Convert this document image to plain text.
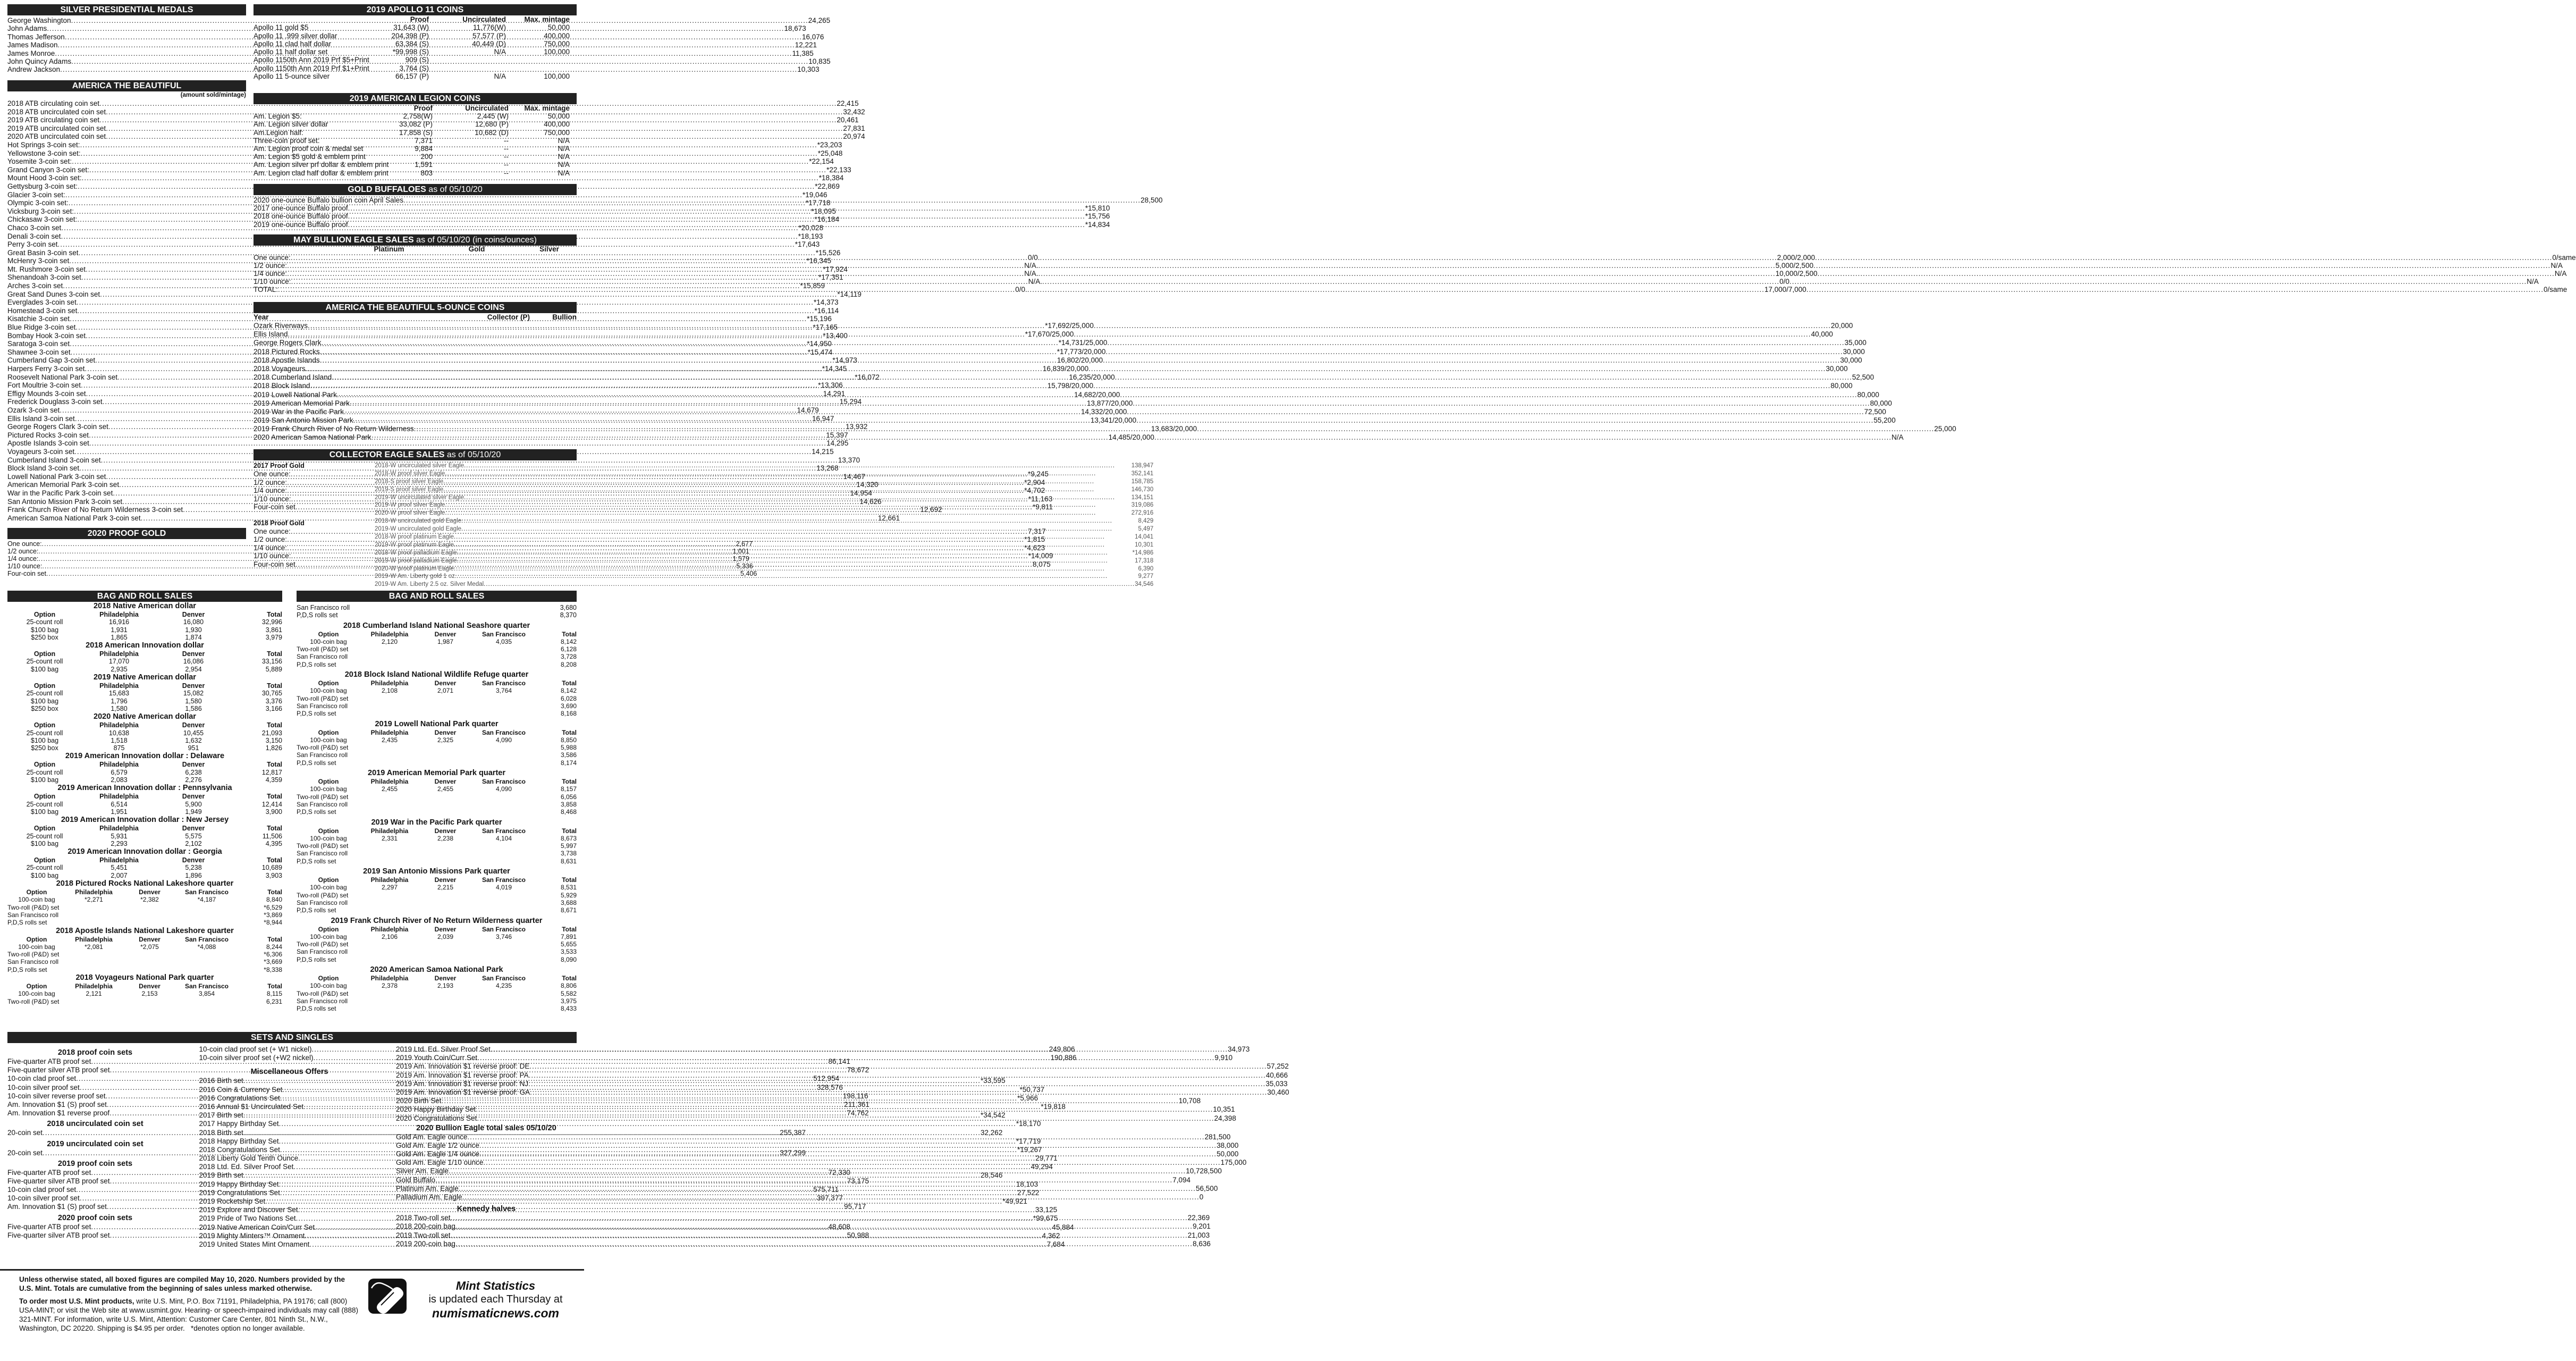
SILVER PRESIDENTIAL MEDALS
George Washington .....	24,265
John Adams .....	18,673
Thomas Jefferson .....	16,076
James Madison .....	12,221
James Monroe .....	11,385
John Quincy Adams .....	10,835
Andrew Jackson .....	10,303
AMERICA THE BEAUTIFUL
(amount sold/mintage)
2018 ATB circulating coin set .....	22,415
2018 ATB uncirculated coin set .....	32,432
2019 ATB circulating coin set .....	20,461
2019 ATB uncirculated coin set .....	27,831
2020 ATB uncirculated coin set .....	20,974
Hot Springs 3-coin set: .....	*23,203
Yellowstone 3-coin set: .....	*25,048
Yosemite 3-coin set: .....	*22,154
Grand Canyon 3-coin set: .....	*22,133
Mount Hood 3-coin set: .....	*18,384
Gettysburg 3-coin set: .....	*22,869
Glacier 3-coin set: .....	*19,046
Olympic 3-coin set: .....	*17,718
Vicksburg 3-coin set: .....	*18,095
Chickasaw 3-coin set: .....	*16,184
Chaco 3-coin set .....	*20,028
Denali 3-coin set .....	*18,193
Perry 3-coin set .....	*17,643
Great Basin 3-coin set .....	*15,526
McHenry 3-coin set .....	*16,345
Mt. Rushmore 3-coin set .....	*17,924
Shenandoah 3-coin set .....	*17,351
Arches 3-coin set .....	*15,859
Great Sand Dunes 3-coin set .....	*14,119
Everglades 3-coin set .....	*14,373
Homestead 3-coin set .....	*16,114
Kisatchie 3-coin set .....	*15,196
Blue Ridge 3-coin set .....	*17,165
Bombay Hook 3-coin set .....	*13,400
Saratoga 3-coin set .....	*14,950
Shawnee 3-coin set .....	*15,474
Cumberland Gap 3-coin set .....	*14,973
Harpers Ferry 3-coin set .....	*14,345
Roosevelt National Park 3-coin set .....	*16,072
Fort Moultrie 3-coin set .....	*13,306
Effigy Mounds 3-coin set .....	14,291
Frederick Douglass 3-coin set .....	15,294
Ozark 3-coin set .....	14,679
Ellis Island 3-coin set .....	16,947
George Rogers Clark 3-coin set .....	13,932
Pictured Rocks 3-coin set .....	15,397
Apostle Islands 3-coin set .....	14,295
Voyageurs 3-coin set .....	14,215
Cumberland Island 3-coin set .....	13,370
Block Island 3-coin set .....	13,268
Lowell National Park 3-coin set .....	14,467
American Memorial Park 3-coin set .....	14,320
War in the Pacific Park 3-coin set .....	14,954
San Antonio Mission Park 3-coin set .....	14,626
Frank Church River of No Return Wilderness 3-coin set .....	12,692
American Samoa National Park 3-coin set .....	12,661
2020 PROOF GOLD
One ounce: .....	2,677
1/2 ounce: .....	1,001
1/4 ounce: .....	1,579
1/10 ounce: .....	5,336
Four-coin set .....	5,406
2019 APOLLO 11 COINS
Proof	Uncirculated	Max. mintage
Apollo 11 gold $5	31,643 (W)	11,776(W)	50,000
Apollo 11 .999 silver dollar	204,398 (P)	57,577 (P)	400,000
Apollo 11 clad half dollar	63,384 (S)	40,449 (D)	750,000
Apollo 11 half dollar set	*99,998 (S)	N/A	100,000
Apollo 1150th Ann 2019 Prf $5+Print	909 (S)
Apollo 1150th Ann 2019 Prf $1+Print	3,764 (S)
Apollo 11 5-ounce silver	66,157 (P)	N/A	100,000
2019 AMERICAN LEGION COINS
Proof	Uncirculated	Max. mintage
Am. Legion $5:	2,758(W)	2,445 (W)	50,000
Am. Legion silver dollar	33,082 (P)	12,680 (P)	400,000
Am.Legion half:	17,858 (S)	10,682 (D)	750,000
Three-coin proof set:	7,371	--	N/A
Am. Legion proof coin & medal set	9,884	--	N/A
Am. Legion $5 gold & emblem print	200	--	N/A
Am. Legion silver prf dollar & emblem print	1,591	--	N/A
Am. Legion clad half dollar & emblem print	803	--	N/A
GOLD BUFFALOES as of 05/10/20
2020 one-ounce Buffalo bullion coin April Sales .....	28,500
2017 one-ounce Buffalo proof .....	*15,810
2018 one-ounce Buffalo proof .....	*15,756
2019 one-ounce Buffalo proof .....	*14,834
MAY BULLION EAGLE SALES as of 05/10/20 (in coins/ounces)
Platinum	Gold	Silver
One ounce: .....	0/0. .....	2,000/2,000 .....	0/same
1/2 ounce: .....	N/A. .....	5,000/2,500 .....	N/A
1/4 ounce: .....	N/A. .....	10,000/2,500 .....	N/A
1/10 ounce: .....	N/A. .....	0/0 .....	N/A
TOTAL: .....	0/0. .....	17,000/7,000 .....	0/same
AMERICA THE BEAUTIFUL 5-OUNCE COINS
Year	Collector (P)	Bullion
Ozark Riverways .....	*17,692/25,000 .....	20,000
Ellis Island .....	*17,670/25,000 .....	40,000
George Rogers Clark .....	*14,731/25,000 .....	35,000
2018 Pictured Rocks .....	*17,773/20,000 .....	30,000
2018 Apostle Islands .....	16,802/20,000 .....	30,000
2018 Voyageurs .....	16,839/20,000 .....	30,000
2018 Cumberland Island .....	16,235/20,000 .....	52,500
2018 Block Island .....	15,798/20,000 .....	80,000
2019 Lowell National Park .....	14,682/20,000 .....	80,000
2019 American Memorial Park .....	13,877/20,000 .....	80,000
2019 War in the Pacific Park .....	14,332/20,000 .....	72,500
2019 San Antonio Mission Park .....	13,341/20,000 .....	55,200
2019 Frank Church River of No Return Wilderness .....	13,683/20,000 .....	25,000
2020 American Samoa National Park .....	14,485/20,000 .....	N/A
COLLECTOR EAGLE SALES as of 05/10/20
2017 Proof Gold
One ounce: .....	*9,245
1/2 ounce: .....	*2,904
1/4 ounce: .....	*4,702
1/10 ounce: .....	*11,163
Four-coin set .....	*9,811
2018 Proof Gold
One ounce: .....	7,317
1/2 ounce: .....	*1,815
1/4 ounce: .....	*4,623
1/10 ounce: .....	*14,009
Four-coin set .....	8,075
2018-W uncirculated silver Eagle .....	138,947
2018-W proof silver Eagle .....	352,141
2018-S proof silver Eagle .....	158,785
2019-S proof silver Eagle .....	146,730
2019-W uncirculated silver Eagle .....	134,151
2019-W proof silver Eagle .....	319,086
2020-W proof silver Eagle .....	272,916
2018-W uncirculated gold Eagle .....	8,429
2019-W uncirculated gold Eagle .....	5,497
2018-W proof platinum Eagle .....	14,041
2019-W proof platinum Eagle .....	10,301
2018-W proof palladium Eagle .....	*14,986
2019-W proof palladium Eagle .....	17,318
2020-W proof platinum Eagle .....	6,390
2019-W Am. Liberty gold 1 oz. .....	9,277
2019-W Am. Liberty 2.5 oz. Silver Medal .....	34,546
BAG AND ROLL SALES
2018 Native American dollar
Option	Philadelphia	Denver	Total
25-count roll	16,916	16,080	32,996
$100 bag	1,931	1,930	3,861
$250 box	1,865	1,874	3,979
2018 American Innovation dollar
Option	Philadelphia	Denver	Total
25-count roll	17,070	16,086	33,156
$100 bag	2,935	2,954	5,889
2019 Native American dollar
Option	Philadelphia	Denver	Total
25-count roll	15,683	15,082	30,765
$100 bag	1,796	1,580	3,376
$250 box	1,580	1,586	3,166
2020 Native American dollar
Option	Philadelphia	Denver	Total
25-count roll	10,638	10,455	21,093
$100 bag	1,518	1,632	3,150
$250 box	875	951	1,826
2019 American Innovation dollar : Delaware
Option	Philadelphia	Denver	Total
25-count roll	6,579	6,238	12,817
$100 bag	2,083	2,276	4,359
2019 American Innovation dollar : Pennsylvania
Option	Philadelphia	Denver	Total
25-count roll	6,514	5,900	12,414
$100 bag	1,951	1,949	3,900
2019 American Innovation dollar : New Jersey
Option	Philadelphia	Denver	Total
25-count roll	5,931	5,575	11,506
$100 bag	2,293	2,102	4,395
2019 American Innovation dollar : Georgia
Option	Philadelphia	Denver	Total
25-count roll	5,451	5,238	10,689
$100 bag	2,007	1,896	3,903
2018 Pictured Rocks National Lakeshore quarter
Option	Philadelphia	Denver	San Francisco	Total
100-coin bag	*2,271	*2,382	*4,187	8,840
Two-roll (P&D) set	*6,529
San Francisco roll	*3,869
P,D,S rolls set	*8,944
2018 Apostle Islands National Lakeshore quarter
Option	Philadelphia	Denver	San Francisco	Total
100-coin bag	*2,081	*2,075	*4,088	8,244
Two-roll (P&D) set	*6,306
San Francisco roll	*3,669
P,D,S rolls set	*8,338
2018 Voyageurs National Park quarter
Option	Philadelphia	Denver	San Francisco	Total
100-coin bag	2,121	2,153	3,854	8,115
Two-roll (P&D) set	6,231
BAG AND ROLL SALES
San Francisco roll	3,680
P,D,S rolls set	8,370
2018 Cumberland Island National Seashore quarter
Option	Philadelphia	Denver	San Francisco	Total
100-coin bag	2,120	1,987	4,035	8,142
Two-roll (P&D) set	6,128
San Francisco roll	3,728
P,D,S rolls set	8,208
2018 Block Island National Wildlife Refuge quarter
Option	Philadelphia	Denver	San Francisco	Total
100-coin bag	2,108	2,071	3,764	8,142
Two-roll (P&D) set	6,028
San Francisco roll	3,690
P,D,S rolls set	8,168
2019 Lowell National Park quarter
Option	Philadelphia	Denver	San Francisco	Total
100-coin bag	2,435	2,325	4,090	8,850
Two-roll (P&D) set	5,988
San Francisco roll	3,586
P,D,S rolls set	8,174
2019 American Memorial Park quarter
Option	Philadelphia	Denver	San Francisco	Total
100-coin bag	2,455	2,455	4,090	8,157
Two-roll (P&D) set	6,056
San Francisco roll	3,858
P,D,S rolls set	8,468
2019 War in the Pacific Park quarter
Option	Philadelphia	Denver	San Francisco	Total
100-coin bag	2,331	2,238	4,104	8,673
Two-roll (P&D) set	5,997
San Francisco roll	3,738
P,D,S rolls set	8,631
2019 San Antonio Missions Park quarter
Option	Philadelphia	Denver	San Francisco	Total
100-coin bag	2,297	2,215	4,019	8,531
Two-roll (P&D) set	5,929
San Francisco roll	3,688
P,D,S rolls set	8,671
2019 Frank Church River of No Return Wilderness quarter
Option	Philadelphia	Denver	San Francisco	Total
100-coin bag	2,106	2,039	3,746	7,891
Two-roll (P&D) set	5,655
San Francisco roll	3,533
P,D,S rolls set	8,090
2020 American Samoa National Park
Option	Philadelphia	Denver	San Francisco	Total
100-coin bag	2,378	2,193	4,235	8,806
Two-roll (P&D) set	5,582
San Francisco roll	3,975
P,D,S rolls set	8,433
SETS AND SINGLES
2018 proof coin sets
Five-quarter ATB proof set .....	86,141
Five-quarter silver ATB proof set .....	78,672
10-coin clad proof set .....	512,954
10-coin silver proof set .....	328,576
10-coin silver reverse proof set .....	198,116
Am. Innovation $1 (S) proof set .....	211,361
Am. Innovation $1 reverse proof .....	74,762
2018 uncirculated coin set
20-coin set .....	255,387
2019 uncirculated coin set
20-coin set .....	327,299
2019 proof coin sets
Five-quarter ATB proof set .....	72,330
Five-quarter silver ATB proof set .....	73,175
10-coin clad proof set .....	575,711
10-coin silver proof set .....	397,377
Am. Innovation $1 (S) proof set .....	95,717
2020 proof coin sets
Five-quarter ATB proof set .....	48,608
Five-quarter silver ATB proof set .....	50,988
10-coin clad proof set (+ W1 nickel) .....	249,806
10-coin silver proof set (+W2 nickel) .....	190,886
Miscellaneous Offers
2016 Birth set .....	*33,595
2016 Coin & Currency Set .....	*50,737
2016 Congratulations Set .....	*5,966
2016 Annual $1 Uncirculated Set .....	*19,818
2017 Birth set .....	*34,542
2017 Happy Birthday Set .....	*18,170
2018 Birth set .....	32,262
2018 Happy Birthday Set .....	*17,719
2018 Congratulations Set .....	*19,267
2018 Liberty Gold Tenth Ounce .....	29,771
2018 Ltd. Ed. Silver Proof Set .....	49,294
2019 Birth set .....	28,546
2019 Happy Birthday Set .....	18,103
2019 Congratulations Set .....	27,522
2019 Rocketship Set .....	*49,921
2019 Explore and Discover Set .....	33,125
2019 Pride of Two Nations Set .....	*99,675
2019 Native American Coin/Curr Set .....	45,884
2019 Mighty Minters™ Ornament .....	4,362
2019 United States Mint Ornament .....	7,684
2019 Ltd. Ed. Silver Proof Set .....	34,973
2019 Youth Coin/Curr Set .....	9,910
2019 Am. Innovation $1 reverse proof: DE .....	57,252
2019 Am. Innovation $1 reverse proof: PA .....	40,666
2019 Am. Innovation $1 reverse proof: NJ .....	35,033
2019 Am. Innovation $1 reverse proof: GA .....	30,460
2020 Birth Set .....	10,708
2020 Happy Birthday Set .....	10,351
2020 Congratulations Set .....	24,398
2020 Bullion Eagle total sales 05/10/20
Gold Am. Eagle ounce .....	281,500
Gold Am. Eagle 1/2 ounce .....	38,000
Gold Am. Eagle 1/4 ounce .....	50,000
Gold Am. Eagle 1/10 ounce .....	175,000
Silver Am. Eagle .....	10,728,500
Gold Buffalo .....	7,094
Platinum Am. Eagle .....	56,500
Palladium Am. Eagle .....	0
Kennedy halves
2018 Two-roll set .....	22,369
2018 200-coin bag .....	9,201
2019 Two-roll set .....	21,003
2019 200-coin bag .....	8,636

Unless otherwise stated, all boxed figures are compiled May 10, 2020. Numbers provided by the U.S. Mint. Totals are cumulative from the beginning of sales unless marked otherwise.

To order most U.S. Mint products, write U.S. Mint, P.O. Box 71191, Philadelphia, PA 19176; call (800) USA-MINT; or visit the Web site at www.usmint.gov. Hearing- or speech-impaired individuals may call (888) 321-MINT. For information, write U.S. Mint, Attention: Customer Care Center, 801 Ninth St., N.W., Washington, DC 20220. Shipping is $4.95 per order. *denotes option no longer available.

Mint Statistics
is updated each Thursday at
numismaticnews.com
